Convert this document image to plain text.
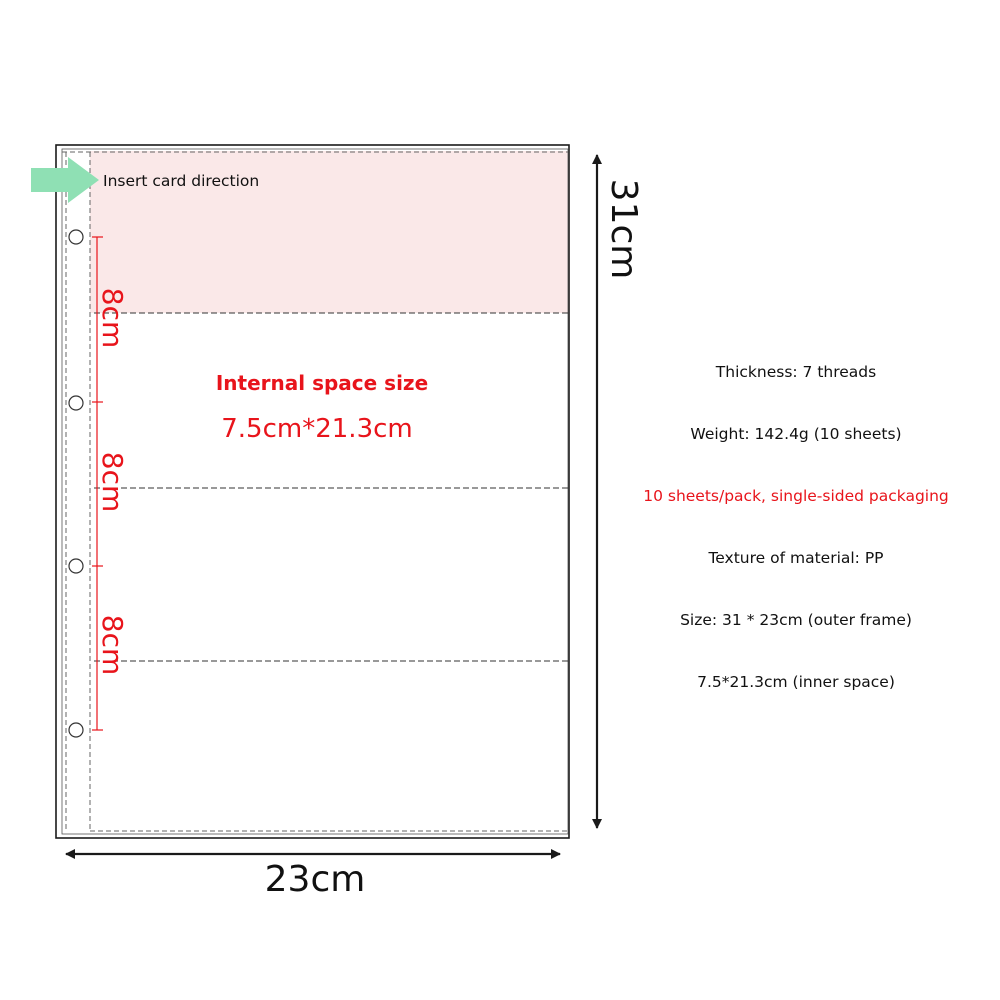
Insert card direction
8cm
8cm
8cm
Internal space size
7.5cm*21.3cm
31cm
23cm
Thickness: 7 threads
Weight: 142.4g (10 sheets)
10 sheets/pack, single-sided packaging
Texture of material: PP
Size: 31 * 23cm (outer frame)
7.5*21.3cm (inner space)
